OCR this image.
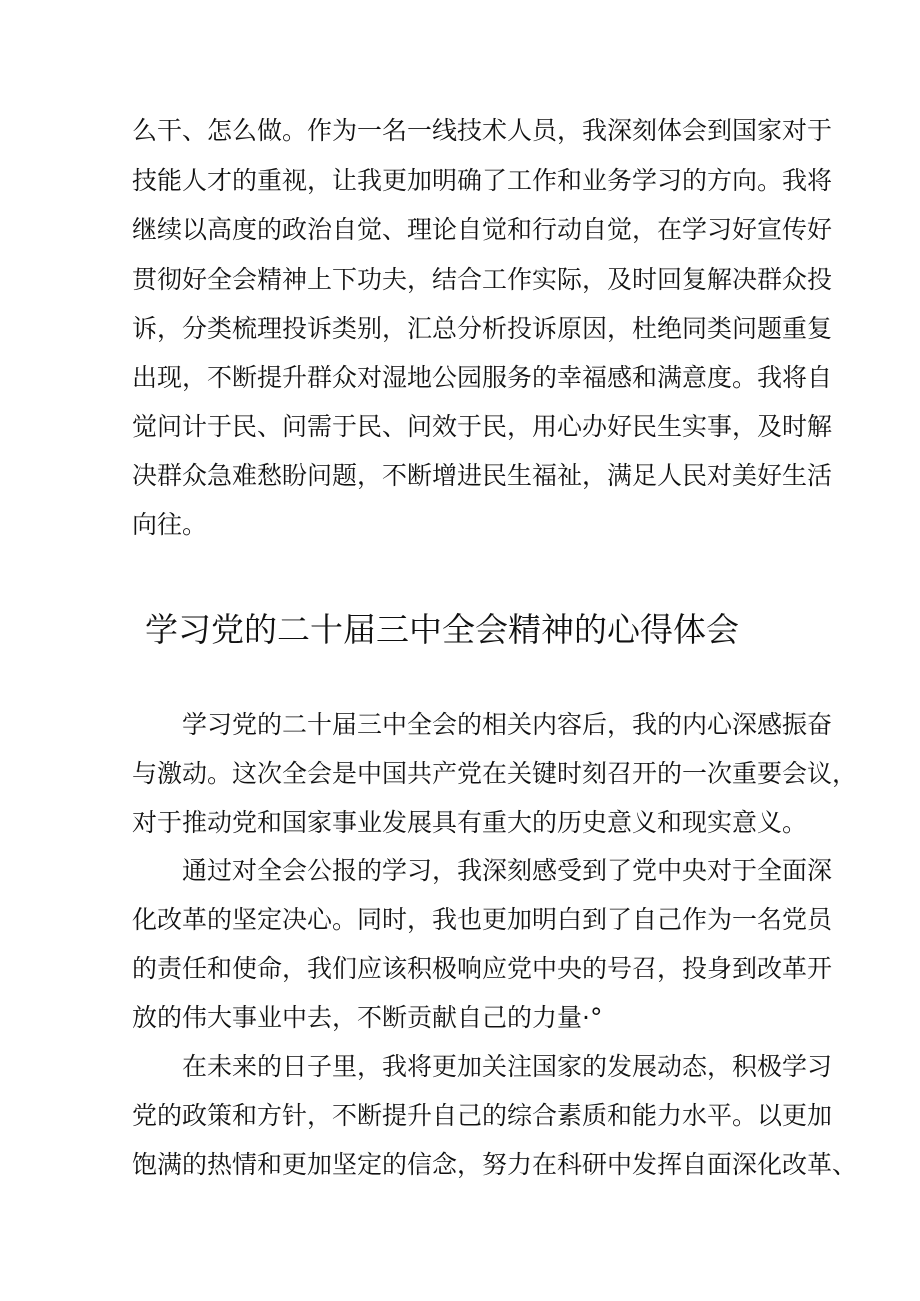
么干、怎么做。作为一名一线技术人员，我深刻体会到国家对于
技能人才的重视，让我更加明确了工作和业务学习的方向。我将
继续以高度的政治自觉、理论自觉和行动自觉，在学习好宣传好
贯彻好全会精神上下功夫，结合工作实际，及时回复解决群众投
诉，分类梳理投诉类别，汇总分析投诉原因，杜绝同类问题重复
出现，不断提升群众对湿地公园服务的幸福感和满意度。我将自
觉问计于民、问需于民、问效于民，用心办好民生实事，及时解
决群众急难愁盼问题，不断增进民生福祉，满足人民对美好生活
向往。
学习党的二十届三中全会精神的心得体会
学习党的二十届三中全会的相关内容后，我的内心深感振奋
与激动。这次全会是中国共产党在关键时刻召开的一次重要会议，
对于推动党和国家事业发展具有重大的历史意义和现实意义。
通过对全会公报的学习，我深刻感受到了党中央对于全面深
化改革的坚定决心。同时，我也更加明白到了自己作为一名党员
的责任和使命，我们应该积极响应党中央的号召，投身到改革开
放的伟大事业中去，不断贡献自己的力量·°
在未来的日子里，我将更加关注国家的发展动态，积极学习
党的政策和方针，不断提升自己的综合素质和能力水平。以更加
饱满的热情和更加坚定的信念，努力在科研中发挥自面深化改革、
